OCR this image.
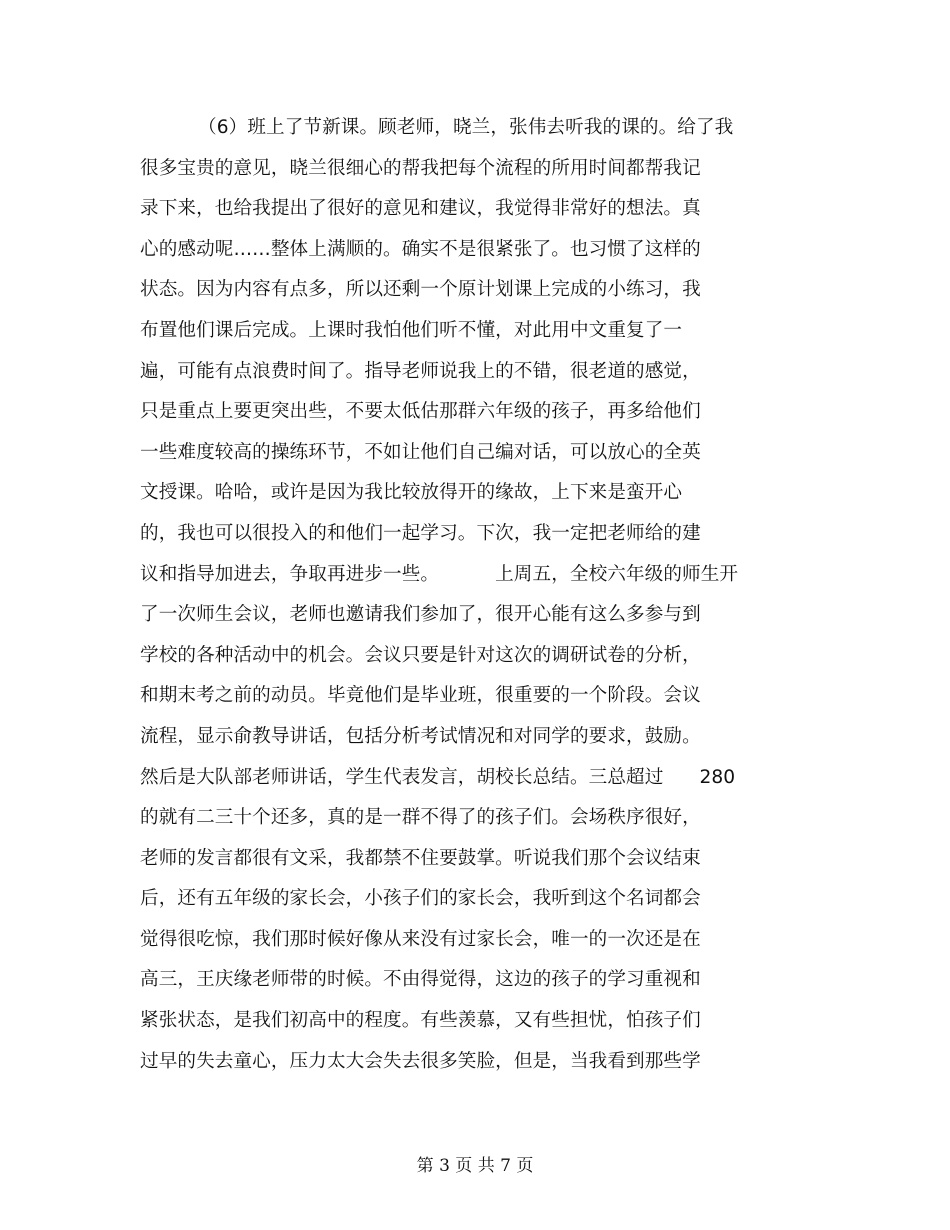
（6）班上了节新课。顾老师，晓兰，张伟去听我的课的。给了我
很多宝贵的意见，晓兰很细心的帮我把每个流程的所用时间都帮我记
录下来，也给我提出了很好的意见和建议，我觉得非常好的想法。真
心的感动呢……整体上满顺的。确实不是很紧张了。也习惯了这样的
状态。因为内容有点多，所以还剩一个原计划课上完成的小练习，我
布置他们课后完成。上课时我怕他们听不懂，对此用中文重复了一
遍，可能有点浪费时间了。指导老师说我上的不错，很老道的感觉，
只是重点上要更突出些，不要太低估那群六年级的孩子，再多给他们
一些难度较高的操练环节，不如让他们自己编对话，可以放心的全英
文授课。哈哈，或许是因为我比较放得开的缘故，上下来是蛮开心
的，我也可以很投入的和他们一起学习。下次，我一定把老师给的建
议和指导加进去，争取再进步一些。	上周五，全校六年级的师生开
了一次师生会议，老师也邀请我们参加了，很开心能有这么多参与到
学校的各种活动中的机会。会议只要是针对这次的调研试卷的分析，
和期末考之前的动员。毕竟他们是毕业班，很重要的一个阶段。会议
流程，显示俞教导讲话，包括分析考试情况和对同学的要求，鼓励。
然后是大队部老师讲话，学生代表发言，胡校长总结。三总超过 280
的就有二三十个还多，真的是一群不得了的孩子们。会场秩序很好，
老师的发言都很有文采，我都禁不住要鼓掌。听说我们那个会议结束
后，还有五年级的家长会，小孩子们的家长会，我听到这个名词都会
觉得很吃惊，我们那时候好像从来没有过家长会，唯一的一次还是在
高三，王庆缘老师带的时候。不由得觉得，这边的孩子的学习重视和
紧张状态，是我们初高中的程度。有些羡慕，又有些担忧，怕孩子们
过早的失去童心，压力太大会失去很多笑脸，但是，当我看到那些学
第 3 页 共 7 页
